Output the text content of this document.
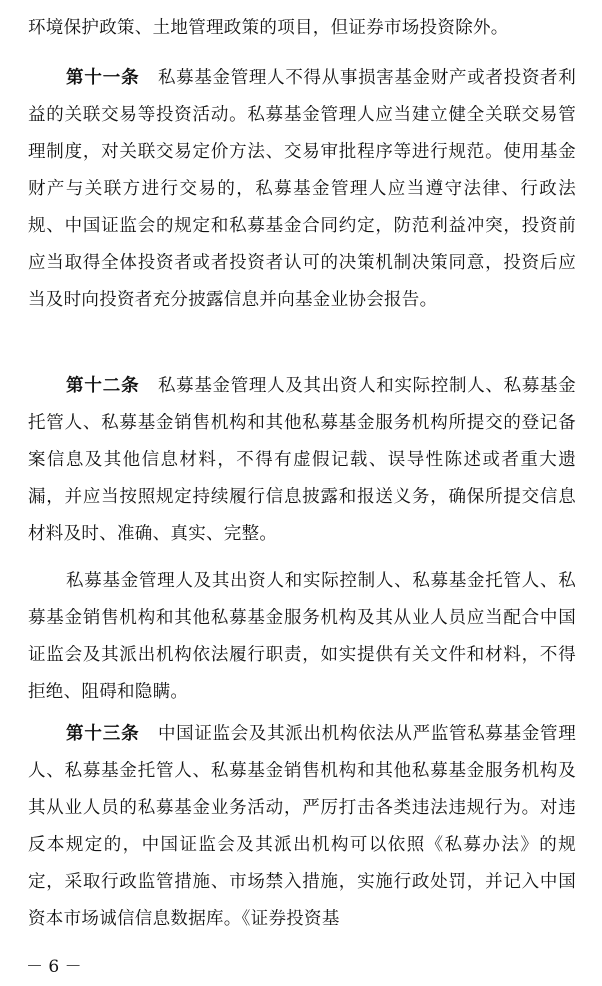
环境保护政策、土地管理政策的项目，但证券市场投资除外。

第十一条 私募基金管理人不得从事损害基金财产或者投资者利益的关联交易等投资活动。私募基金管理人应当建立健全关联交易管理制度，对关联交易定价方法、交易审批程序等进行规范。使用基金财产与关联方进行交易的，私募基金管理人应当遵守法律、行政法规、中国证监会的规定和私募基金合同约定，防范利益冲突，投资前应当取得全体投资者或者投资者认可的决策机制决策同意，投资后应当及时向投资者充分披露信息并向基金业协会报告。

第十二条 私募基金管理人及其出资人和实际控制人、私募基金托管人、私募基金销售机构和其他私募基金服务机构所提交的登记备案信息及其他信息材料，不得有虚假记载、误导性陈述或者重大遗漏，并应当按照规定持续履行信息披露和报送义务，确保所提交信息材料及时、准确、真实、完整。

私募基金管理人及其出资人和实际控制人、私募基金托管人、私募基金销售机构和其他私募基金服务机构及其从业人员应当配合中国证监会及其派出机构依法履行职责，如实提供有关文件和材料，不得拒绝、阻碍和隐瞒。

第十三条 中国证监会及其派出机构依法从严监管私募基金管理人、私募基金托管人、私募基金销售机构和其他私募基金服务机构及其从业人员的私募基金业务活动，严厉打击各类违法违规行为。对违反本规定的，中国证监会及其派出机构可以依照《私募办法》的规定，采取行政监管措施、市场禁入措施，实施行政处罚，并记入中国资本市场诚信信息数据库。《证券投资基

－ 6 －
